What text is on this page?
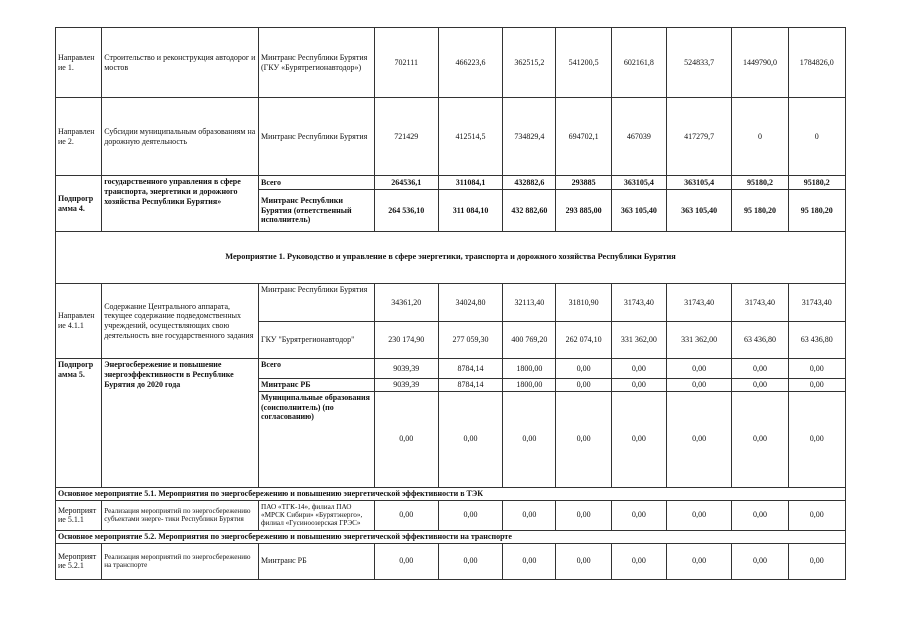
Направлен ие 1.	Строительство и реконструкция автодорог и мостов	Минтранс Республики Бурятия (ГКУ «Бурятрегионавтодор»)	702111	466223,6	362515,2	541200,5	602161,8	524833,7	1449790,0	1784826,0
Направлен ие 2.	Субсидии муниципальным образованиям на дорожную деятельность	Минтранс Республики Бурятия	721429	412514,5	734829,4	694702,1	467039	417279,7	0	0
Подпрогр амма 4.	государственного управления в сфере транспорта, энергетики и дорожного хозяйства Республики Бурятия»	Всего	264536,1	311084,1	432882,6	293885	363105,4	363105,4	95180,2	95180,2
		Минтранс Республики Бурятия (ответственный исполнитель)	264 536,10	311 084,10	432 882,60	293 885,00	363 105,40	363 105,40	95 180,20	95 180,20
Мероприятие 1. Руководство и управление в сфере энергетики, транспорта и дорожного хозяйства Республики Бурятия										
Направлен ие 4.1.1	Содержание Центрального аппарата, текущее содержание подведомственных учреждений, осуществляющих свою деятельность вне государственного задания	Минтранс Республики Бурятия	34361,20	34024,80	32113,40	31810,90	31743,40	31743,40	31743,40	31743,40
		ГКУ "Бурятрегионавтодор"	230 174,90	277 059,30	400 769,20	262 074,10	331 362,00	331 362,00	63 436,80	63 436,80
Подпрогр амма 5.	Энергосбережение и повышение энергоэффективности в Республике Бурятия до 2020 года	Всего	9039,39	8784,14	1800,00	0,00	0,00	0,00	0,00	0,00
		Минтранс РБ	9039,39	8784,14	1800,00	0,00	0,00	0,00	0,00	0,00
		Муниципальные образования (соисполнитель) (по согласованию)	0,00	0,00	0,00	0,00	0,00	0,00	0,00	0,00
Основное мероприятие 5.1. Мероприятия по энергосбережению и повышению энергетической эффективности в ТЭК										
Мероприят ие 5.1.1	Реализация мероприятий по энергосбережению субъектами энерге- тики Республики Бурятия	ПАО «ТГК-14», филиал ПАО «МРСК Сибири» «Бурятэнерго», филиал «Гусиноозерская ГРЭС»	0,00	0,00	0,00	0,00	0,00	0,00	0,00	0,00
Основное мероприятие 5.2. Мероприятия по энергосбережению и повышению энергетической эффективности на транспорте										
Мероприят ие 5.2.1	Реализация мероприятий по энергосбережению на транспорте	Минтранс РБ	0,00	0,00	0,00	0,00	0,00	0,00	0,00	0,00
